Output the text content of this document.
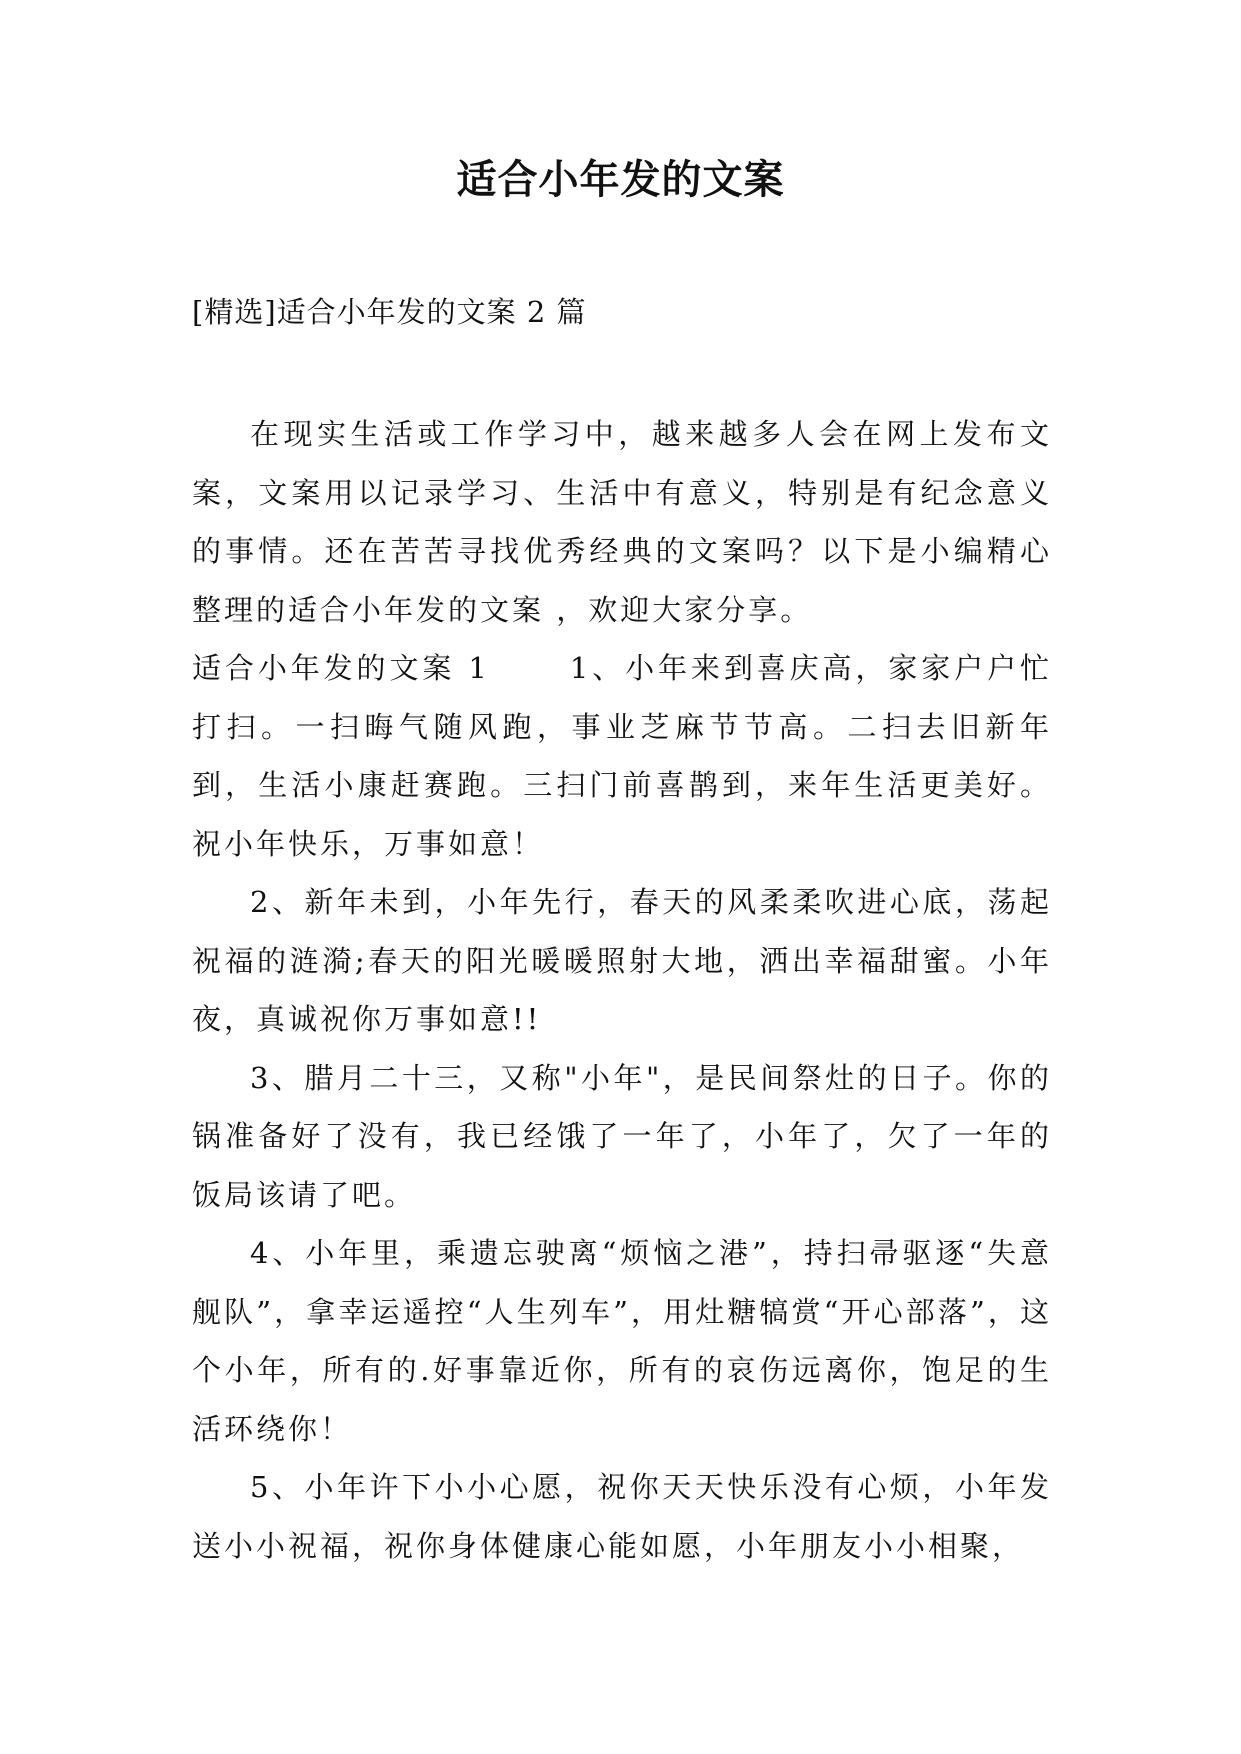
适合小年发的文案
[精选]适合小年发的文案 2 篇

在现实生活或工作学习中，越来越多人会在网上发布文案，文案用以记录学习、生活中有意义，特别是有纪念意义的事情。还在苦苦寻找优秀经典的文案吗？以下是小编精心整理的适合小年发的文案 ，欢迎大家分享。

适合小年发的文案 1	1、小年来到喜庆高，家家户户忙打扫。一扫晦气随风跑，事业芝麻节节高。二扫去旧新年到，生活小康赶赛跑。三扫门前喜鹊到，来年生活更美好。祝小年快乐，万事如意！

2、新年未到，小年先行，春天的风柔柔吹进心底，荡起祝福的涟漪;春天的阳光暖暖照射大地，洒出幸福甜蜜。小年夜，真诚祝你万事如意!!

3、腊月二十三，又称"小年"，是民间祭灶的日子。你的锅准备好了没有，我已经饿了一年了，小年了，欠了一年的饭局该请了吧。

4、小年里，乘遗忘驶离“烦恼之港”，持扫帚驱逐“失意舰队”，拿幸运遥控“人生列车”，用灶糖犒赏“开心部落”，这个小年，所有的.好事靠近你，所有的哀伤远离你，饱足的生活环绕你！

5、小年许下小小心愿，祝你天天快乐没有心烦，小年发送小小祝福，祝你身体健康心能如愿，小年朋友小小相聚，
